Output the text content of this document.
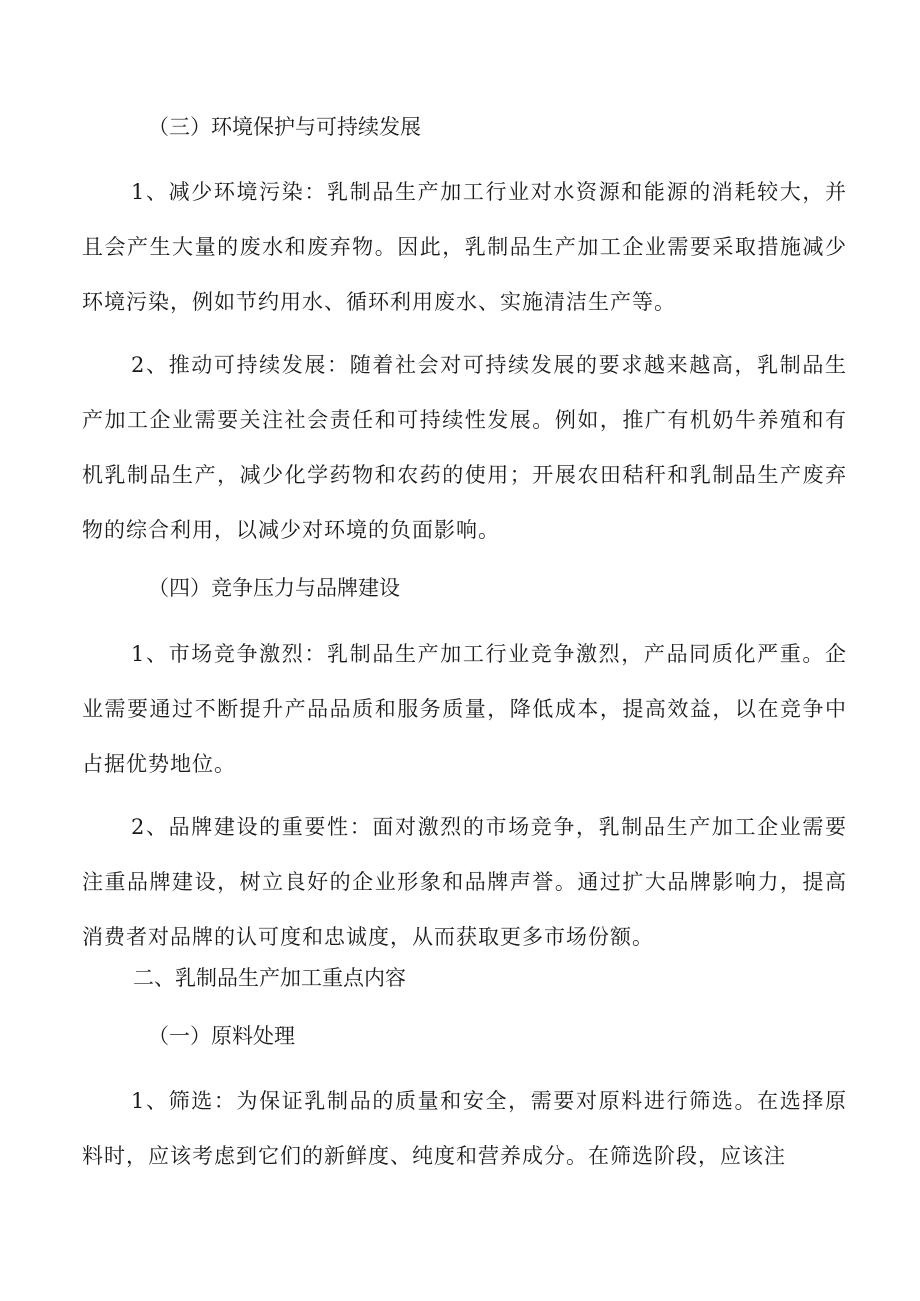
（三）环境保护与可持续发展

1、减少环境污染：乳制品生产加工行业对水资源和能源的消耗较大，并且会产生大量的废水和废弃物。因此，乳制品生产加工企业需要采取措施减少环境污染，例如节约用水、循环利用废水、实施清洁生产等。

2、推动可持续发展：随着社会对可持续发展的要求越来越高，乳制品生产加工企业需要关注社会责任和可持续性发展。例如，推广有机奶牛养殖和有机乳制品生产，减少化学药物和农药的使用；开展农田秸秆和乳制品生产废弃物的综合利用，以减少对环境的负面影响。

（四）竞争压力与品牌建设

1、市场竞争激烈：乳制品生产加工行业竞争激烈，产品同质化严重。企业需要通过不断提升产品品质和服务质量，降低成本，提高效益，以在竞争中占据优势地位。

2、品牌建设的重要性：面对激烈的市场竞争，乳制品生产加工企业需要注重品牌建设，树立良好的企业形象和品牌声誉。通过扩大品牌影响力，提高消费者对品牌的认可度和忠诚度，从而获取更多市场份额。

二、乳制品生产加工重点内容
（一）原料处理

1、筛选：为保证乳制品的质量和安全，需要对原料进行筛选。在选择原料时，应该考虑到它们的新鲜度、纯度和营养成分。在筛选阶段，应该注
